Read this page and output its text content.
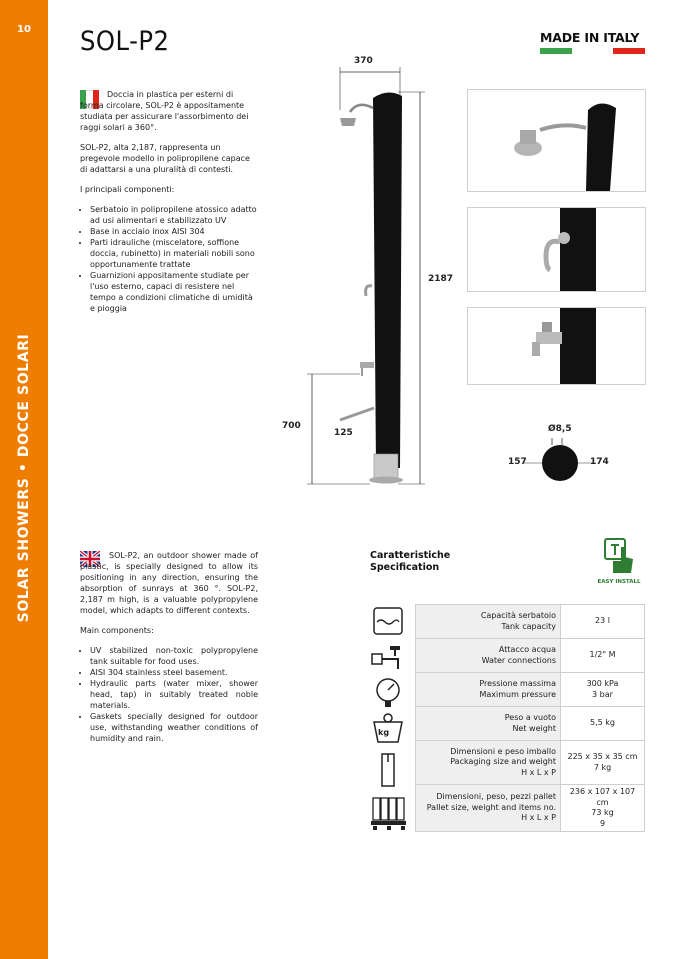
10
SOLAR SHOWERS • DOCCE SOLARI
SOL-P2	MADE IN ITALY

Doccia in plastica per esterni di forma circolare, SOL-P2 è appositamente studiata per assicurare l'assorbimento dei raggi solari a 360°.

SOL-P2, alta 2,187, rappresenta un pregevole modello in polipropilene capace di adattarsi a una pluralità di contesti.

I principali componenti:

• Serbatoio in polipropilene atossico adatto ad usi alimentari e stabilizzato UV
• Base in acciaio inox AISI 304
• Parti idrauliche (miscelatore, soffione doccia, rubinetto) in materiali nobili sono opportunamente trattate
• Guarnizioni appositamente studiate per l'uso esterno, capaci di resistere nel tempo a condizioni climatiche di umidità e pioggia

SOL-P2, an outdoor shower made of plastic, is specially designed to allow its positioning in any direction, ensuring the absorption of sunrays at 360 °. SOL-P2, 2,187 m high, is a valuable polypropylene model, which adapts to different contexts.

Main components:

• UV stabilized non-toxic polypropylene tank suitable for food uses.
• AISI 304 stainless steel basement.
• Hydraulic parts (water mixer, shower head, tap) in suitably treated noble materials.
• Gaskets specially designed for outdoor use, withstanding weather conditions of humidity and rain.
370
2187
700
125	Ø8,5
157	174
Caratteristiche
Specification
EASY INSTALL
kg
Capacità serbatoio
Tank capacity	23 l
Attacco acqua
Water connections	1/2" M
Pressione massima
Maximum pressure	300 kPa
3 bar
Peso a vuoto
Net weight	5,5 kg
Dimensioni e peso imballo
Packaging size and weight
H x L x P	225 x 35 x 35 cm
7 kg
Dimensioni, peso, pezzi pallet
Pallet size, weight and items no.
H x L x P	236 x 107 x 107 cm
73 kg
9
